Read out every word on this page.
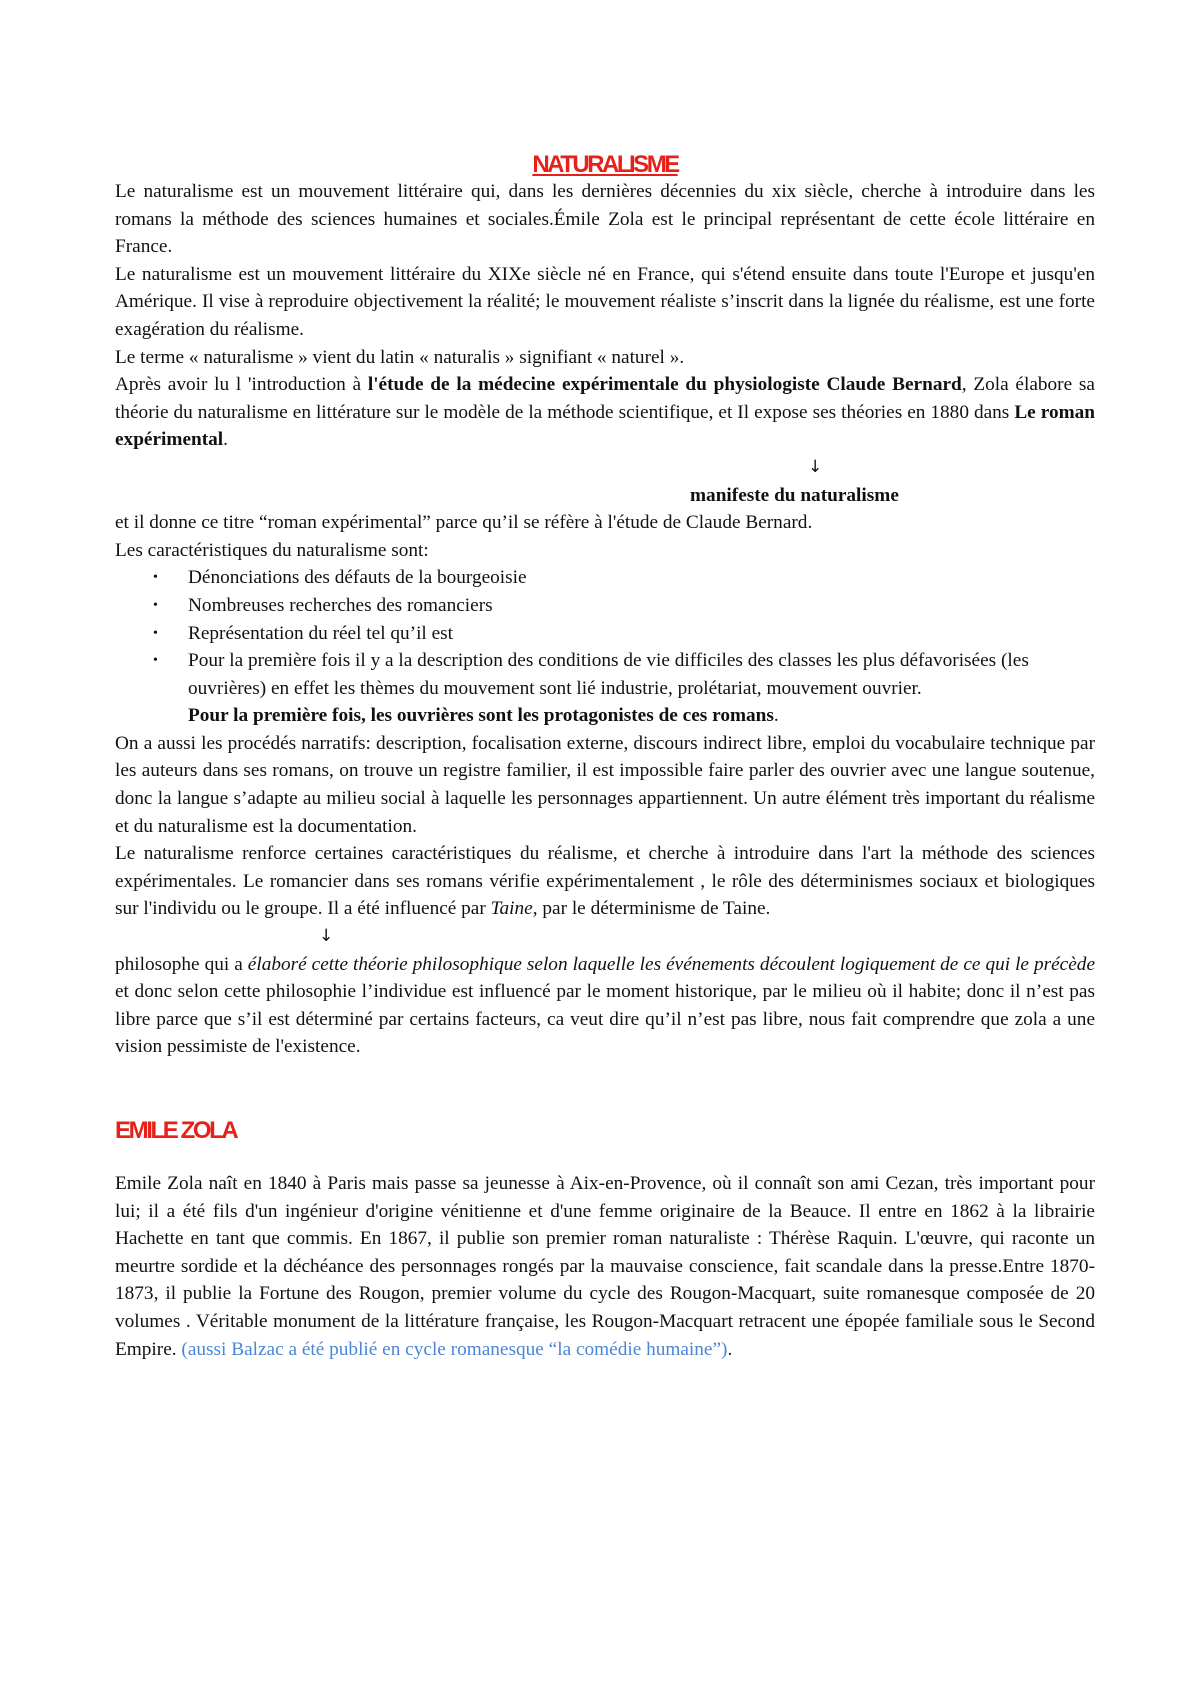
NATURALISME

Le naturalisme est un mouvement littéraire qui, dans les dernières décennies du xix siècle, cherche à introduire dans les romans la méthode des sciences humaines et sociales.Émile Zola est le principal représentant de cette école littéraire en France.

Le naturalisme est un mouvement littéraire du XIXe siècle né en France, qui s'étend ensuite dans toute l'Europe et jusqu'en Amérique. Il vise à reproduire objectivement la réalité; le mouvement réaliste s’inscrit dans la lignée du réalisme, est une forte exagération du réalisme.

Le terme « naturalisme » vient du latin « naturalis » signifiant « naturel ».

Après avoir lu l 'introduction à l'étude de la médecine expérimentale du physiologiste Claude Bernard, Zola élabore sa théorie du naturalisme en littérature sur le modèle de la méthode scientifique, et Il expose ses théories en 1880 dans Le roman expérimental.

↓

manifeste du naturalisme

et il donne ce titre “roman expérimental” parce qu’il se réfère à l'étude de Claude Bernard.

Les caractéristiques du naturalisme sont:

• Dénonciations des défauts de la bourgeoisie
• Nombreuses recherches des romanciers
• Représentation du réel tel qu’il est
• Pour la première fois il y a la description des conditions de vie difficiles des classes les plus défavorisées (les ouvrières) en effet les thèmes du mouvement sont lié industrie, prolétariat, mouvement ouvrier.

Pour la première fois, les ouvrières sont les protagonistes de ces romans.

On a aussi les procédés narratifs: description, focalisation externe, discours indirect libre, emploi du vocabulaire technique par les auteurs dans ses romans, on trouve un registre familier, il est impossible faire parler des ouvrier avec une langue soutenue, donc la langue s’adapte au milieu social à laquelle les personnages appartiennent. Un autre élément très important du réalisme et du naturalisme est la documentation.

Le naturalisme renforce certaines caractéristiques du réalisme, et cherche à introduire dans l'art la méthode des sciences expérimentales. Le romancier dans ses romans vérifie expérimentalement , le rôle des déterminismes sociaux et biologiques sur l'individu ou le groupe. Il a été influencé par Taine, par le déterminisme de Taine.

↓

philosophe qui a élaboré cette théorie philosophique selon laquelle les événements découlent logiquement de ce qui le précède et donc selon cette philosophie l’individue est influencé par le moment historique, par le milieu où il habite; donc il n’est pas libre parce que s’il est déterminé par certains facteurs, ca veut dire qu’il n’est pas libre, nous fait comprendre que zola a une vision pessimiste de l'existence.

EMILE ZOLA

Emile Zola naît en 1840 à Paris mais passe sa jeunesse à Aix-en-Provence, où il connaît son ami Cezan, très important pour lui; il a été fils d'un ingénieur d'origine vénitienne et d'une femme originaire de la Beauce. Il entre en 1862 à la librairie Hachette en tant que commis. En 1867, il publie son premier roman naturaliste : Thérèse Raquin. L'œuvre, qui raconte un meurtre sordide et la déchéance des personnages rongés par la mauvaise conscience, fait scandale dans la presse.Entre 1870-1873, il publie la Fortune des Rougon, premier volume du cycle des Rougon-Macquart, suite romanesque composée de 20 volumes . Véritable monument de la littérature française, les Rougon-Macquart retracent une épopée familiale sous le Second Empire. (aussi Balzac a été publié en cycle romanesque “la comédie humaine”).
